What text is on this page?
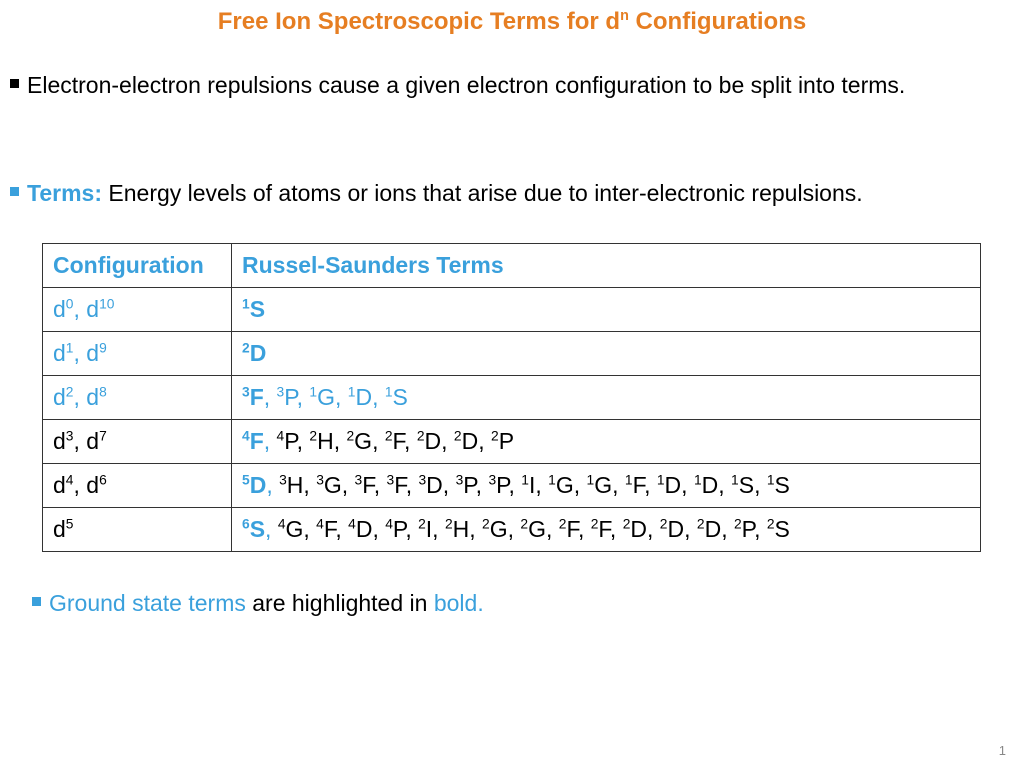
Free Ion Spectroscopic Terms for $d^n$ Configurations
Electron-electron repulsions cause a given electron configuration to be split into terms.
Terms: Energy levels of atoms or ions that arise due to inter-electronic repulsions.
Configuration	Russel-Saunders Terms
$d^0$, $d^{10}$	$^1$S
$d^1$, $d^9$	$^2$D
$d^2$, $d^8$	$^3$F, $^3$P, $^1$G, $^1$D, $^1$S
$d^3$, $d^7$	$^4$F, $^4$P, $^2$H, $^2$G, $^2$F, $^2$D, $^2$D, $^2$P
$d^4$, $d^6$	$^5$D, $^3$H, $^3$G, $^3$F, $^3$F, $^3$D, $^3$P, $^3$P, $^1$I, $^1$G, $^1$G, $^1$F, $^1$D, $^1$D, $^1$S, $^1$S
$d^5$	$^6$S, $^4$G, $^4$F, $^4$D, $^4$P, $^2$I, $^2$H, $^2$G, $^2$G, $^2$F, $^2$F, $^2$D, $^2$D, $^2$D, $^2$P, $^2$S
Ground state terms are highlighted in bold.
1
